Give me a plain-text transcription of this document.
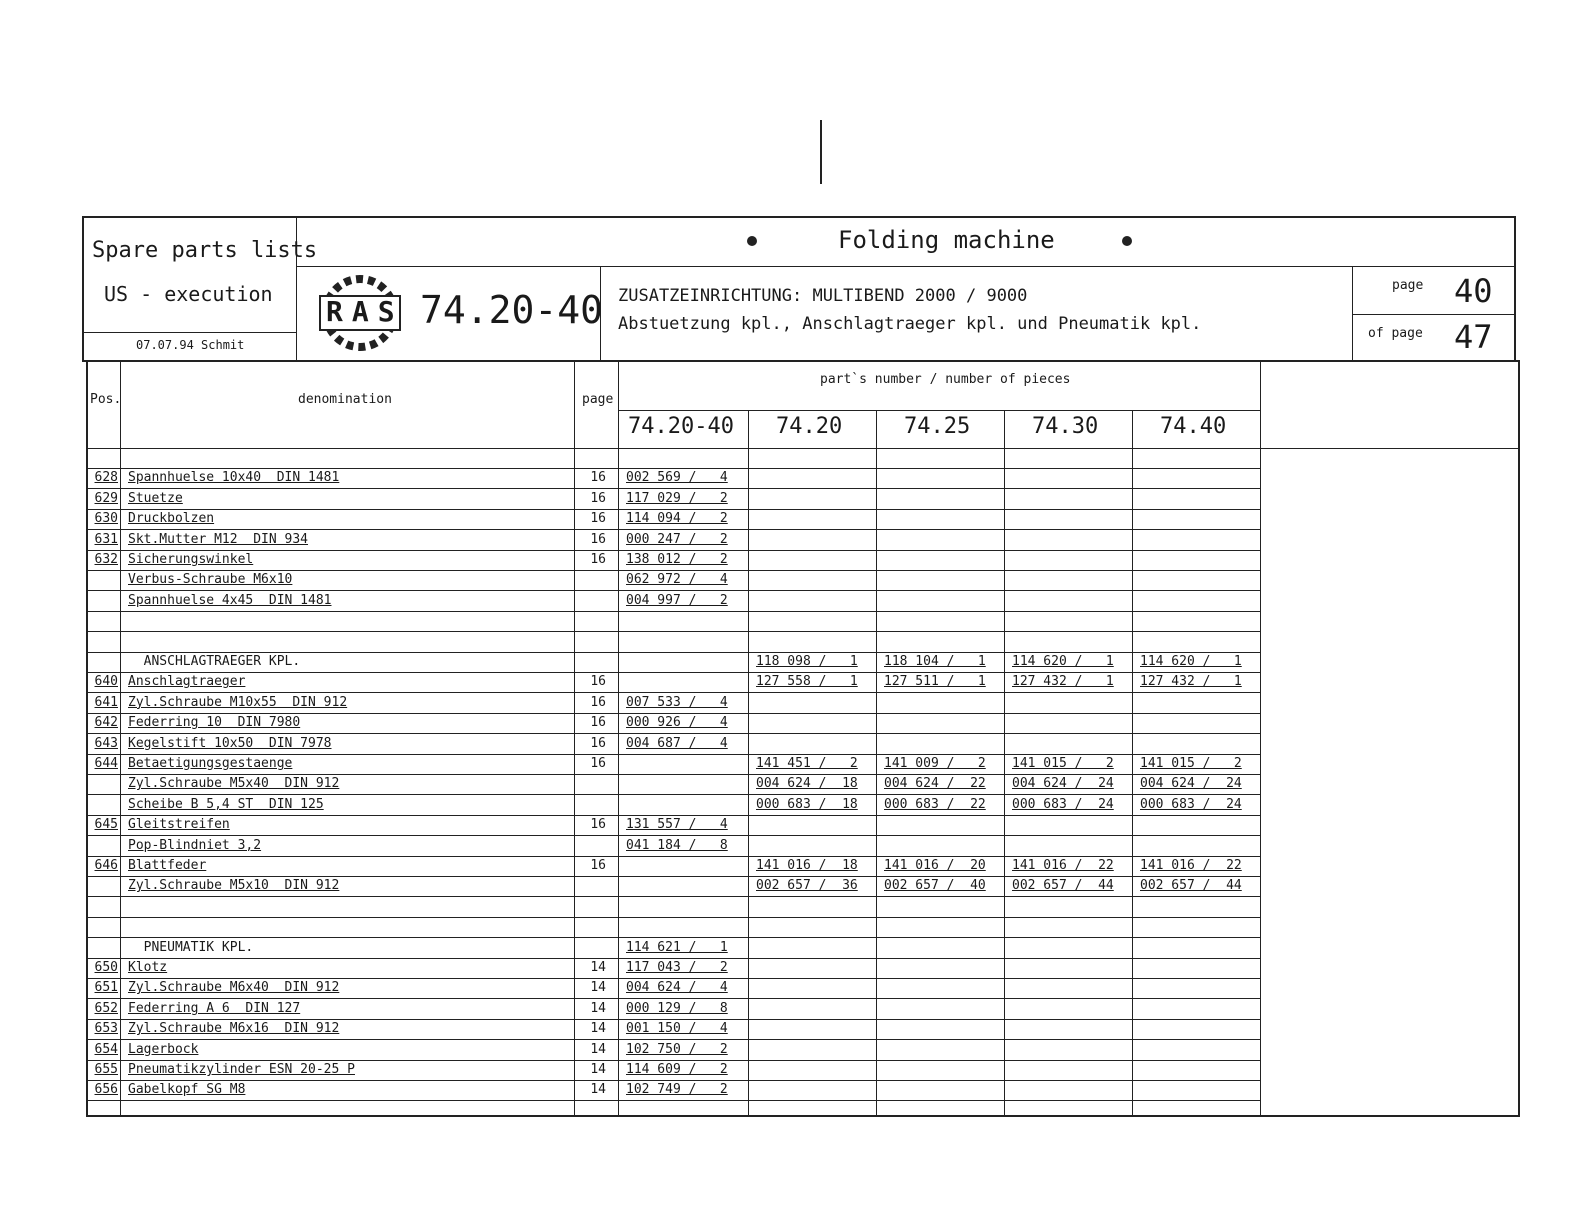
Spare parts lists
US - execution
07.07.94 Schmit
Folding machine
RAS 74.20-40 ZUSATZEINRICHTUNG: MULTIBEND 2000 / 9000
Abstuetzung kpl., Anschlagtraeger kpl. und Pneumatik kpl.
page 40
of page 47
Pos.	denomination	page
part`s number / number of pieces
74.20-40 74.20	74.25	74.30	74.40
628 Spannhuelse 10x40  DIN 1481	16 002 569 /   4
629 Stuetze	16 117 029 /   2
630 Druckbolzen	16 114 094 /   2
631 Skt.Mutter M12  DIN 934	16 000 247 /   2
632 Sicherungswinkel	16 138 012 /   2
Verbus-Schraube M6x10	062 972 /   4
Spannhuelse 4x45  DIN 1481	004 997 /   2
ANSCHLAGTRAEGER KPL.	118 098 /   1	118 104 /   1	114 620 /   1	114 620 /   1
640 Anschlagtraeger	16	127 558 /   1	127 511 /   1	127 432 /   1	127 432 /   1
641 Zyl.Schraube M10x55  DIN 912	16 007 533 /   4
642 Federring 10  DIN 7980	16 000 926 /   4
643 Kegelstift 10x50  DIN 7978	16 004 687 /   4
644 Betaetigungsgestaenge	16	141 451 /   2	141 009 /   2	141 015 /   2	141 015 /   2
Zyl.Schraube M5x40  DIN 912	004 624 /  18	004 624 /  22	004 624 /  24	004 624 /  24
Scheibe B 5,4 ST  DIN 125	000 683 /  18	000 683 /  22	000 683 /  24	000 683 /  24
645 Gleitstreifen	16 131 557 /   4
Pop-Blindniet 3,2	041 184 /   8
646 Blattfeder	16	141 016 /  18	141 016 /  20	141 016 /  22	141 016 /  22
Zyl.Schraube M5x10  DIN 912	002 657 /  36	002 657 /  40	002 657 /  44	002 657 /  44
PNEUMATIK KPL.	114 621 /   1
650 Klotz	14 117 043 /   2
651 Zyl.Schraube M6x40  DIN 912	14 004 624 /   4
652 Federring A 6  DIN 127	14 000 129 /   8
653 Zyl.Schraube M6x16  DIN 912	14 001 150 /   4
654 Lagerbock	14 102 750 /   2
655 Pneumatikzylinder ESN 20-25 P	14 114 609 /   2
656 Gabelkopf SG M8	14 102 749 /   2
